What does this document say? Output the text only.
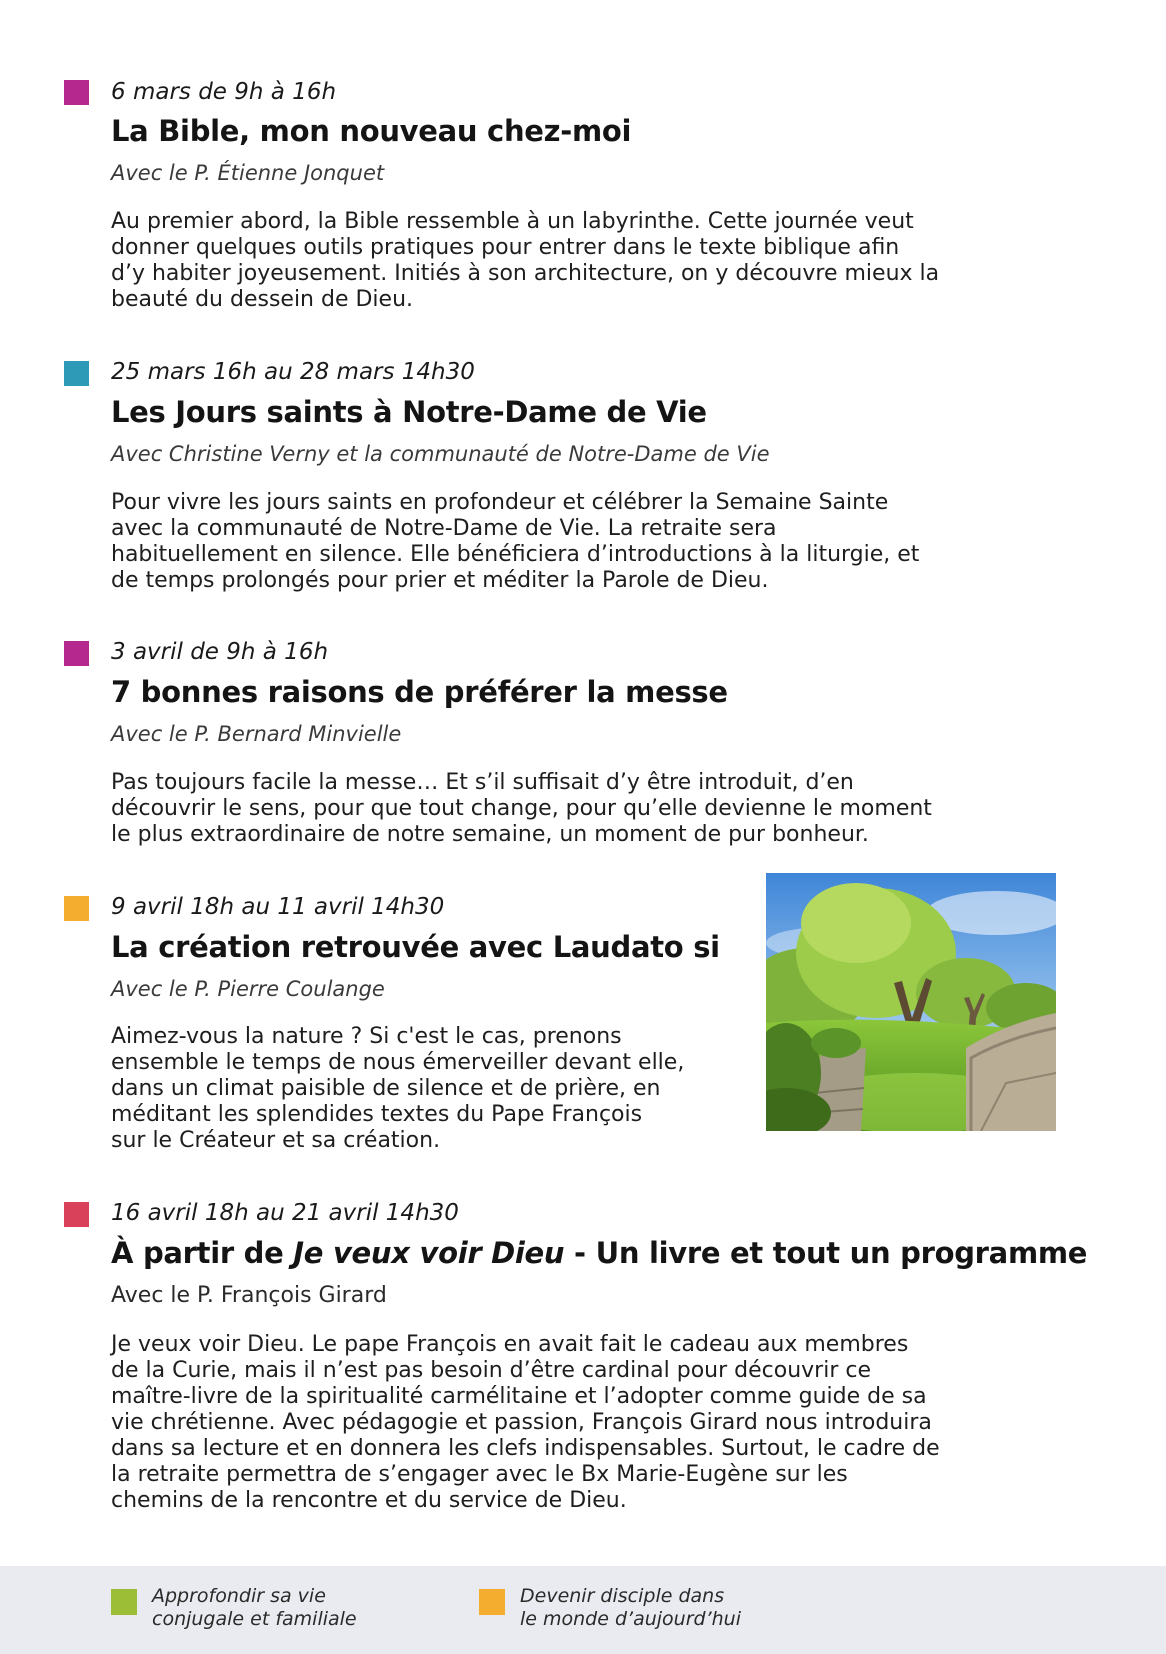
6 mars de 9h à 16h
La Bible, mon nouveau chez-moi
Avec le P. Étienne Jonquet
Au premier abord, la Bible ressemble à un labyrinthe. Cette journée veut
donner quelques outils pratiques pour entrer dans le texte biblique afin
d’y habiter joyeusement. Initiés à son architecture, on y découvre mieux la
beauté du dessein de Dieu.
25 mars 16h au 28 mars 14h30
Les Jours saints à Notre-Dame de Vie
Avec Christine Verny et la communauté de Notre-Dame de Vie
Pour vivre les jours saints en profondeur et célébrer la Semaine Sainte
avec la communauté de Notre-Dame de Vie. La retraite sera
habituellement en silence. Elle bénéficiera d’introductions à la liturgie, et
de temps prolongés pour prier et méditer la Parole de Dieu.
3 avril de 9h à 16h
7 bonnes raisons de préférer la messe
Avec le P. Bernard Minvielle
Pas toujours facile la messe… Et s’il suffisait d’y être introduit, d’en
découvrir le sens, pour que tout change, pour qu’elle devienne le moment
le plus extraordinaire de notre semaine, un moment de pur bonheur.
9 avril 18h au 11 avril 14h30
La création retrouvée avec Laudato si
Avec le P. Pierre Coulange
Aimez-vous la nature ? Si c'est le cas, prenons
ensemble le temps de nous émerveiller devant elle,
dans un climat paisible de silence et de prière, en
méditant les splendides textes du Pape François
sur le Créateur et sa création.
16 avril 18h au 21 avril 14h30
À partir de Je veux voir Dieu - Un livre et tout un programme
Avec le P. François Girard
Je veux voir Dieu. Le pape François en avait fait le cadeau aux membres
de la Curie, mais il n’est pas besoin d’être cardinal pour découvrir ce
maître-livre de la spiritualité carmélitaine et l’adopter comme guide de sa
vie chrétienne. Avec pédagogie et passion, François Girard nous introduira
dans sa lecture et en donnera les clefs indispensables. Surtout, le cadre de
la retraite permettra de s’engager avec le Bx Marie-Eugène sur les
chemins de la rencontre et du service de Dieu.
Approfondir sa vie
conjugale et familiale
Devenir disciple dans
le monde d’aujourd’hui
